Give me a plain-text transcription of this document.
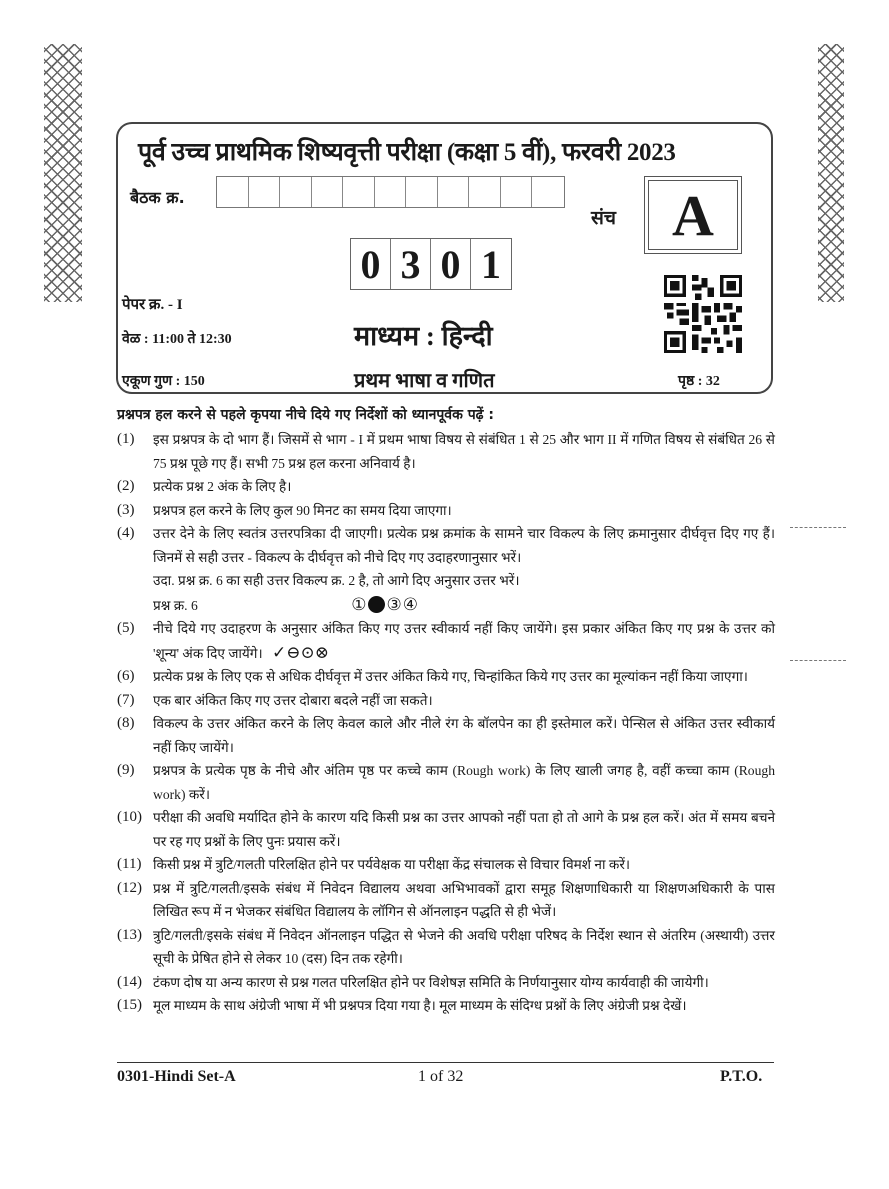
पूर्व उच्च प्राथमिक शिष्यवृत्ती परीक्षा (कक्षा 5 वीं), फरवरी 2023
बैठक क्र.
संच A
0 3 0 1
पेपर क्र. - I
वेळ : 11:00 ते 12:30
एकूण गुण : 150
माध्यम : हिन्दी
प्रथम भाषा व गणित	पृष्ठ : 32
प्रश्नपत्र हल करने से पहले कृपया नीचे दिये गए निर्देशों को ध्यानपूर्वक पढ़ें :
(1)	इस प्रश्नपत्र के दो भाग हैं। जिसमें से भाग - I में प्रथम भाषा विषय से संबंधित 1 से 25 और भाग II में गणित विषय से संबंधित 26 से 75 प्रश्न पूछे गए हैं। सभी 75 प्रश्न हल करना अनिवार्य है।
(2)	प्रत्येक प्रश्न 2 अंक के लिए है।
(3)	प्रश्नपत्र हल करने के लिए कुल 90 मिनट का समय दिया जाएगा।
(4)	उत्तर देने के लिए स्वतंत्र उत्तरपत्रिका दी जाएगी। प्रत्येक प्रश्न क्रमांक के सामने चार विकल्प के लिए क्रमानुसार दीर्घवृत्त दिए गए हैं। जिनमें से सही उत्तर - विकल्प के दीर्घवृत्त को नीचे दिए गए उदाहरणानुसार भरें।
उदा. प्रश्न क्र. 6 का सही उत्तर विकल्प क्र. 2 है, तो आगे दिए अनुसार उत्तर भरें।
प्रश्न क्र. 6	① ③④
(5)	नीचे दिये गए उदाहरण के अनुसार अंकित किए गए उत्तर स्वीकार्य नहीं किए जायेंगे। इस प्रकार अंकित किए गए प्रश्न के उत्तर को 'शून्य' अंक दिए जायेंगे। ✓⊖⊙⊗
(6)	प्रत्येक प्रश्न के लिए एक से अधिक दीर्घवृत्त में उत्तर अंकित किये गए, चिन्हांकित किये गए उत्तर का मूल्यांकन नहीं किया जाएगा।
(7)	एक बार अंकित किए गए उत्तर दोबारा बदले नहीं जा सकते।
(8)	विकल्प के उत्तर अंकित करने के लिए केवल काले और नीले रंग के बॉलपेन का ही इस्तेमाल करें। पेन्सिल से अंकित उत्तर स्वीकार्य नहीं किए जायेंगे।
(9)	प्रश्नपत्र के प्रत्येक पृष्ठ के नीचे और अंतिम पृष्ठ पर कच्चे काम (Rough work) के लिए खाली जगह है, वहीं कच्चा काम (Rough work) करें।
(10) परीक्षा की अवधि मर्यादित होने के कारण यदि किसी प्रश्न का उत्तर आपको नहीं पता हो तो आगे के प्रश्न हल करें। अंत में समय बचने पर रह गए प्रश्नों के लिए पुनः प्रयास करें।
(11) किसी प्रश्न में त्रुटि/गलती परिलक्षित होने पर पर्यवेक्षक या परीक्षा केंद्र संचालक से विचार विमर्श ना करें।
(12) प्रश्न में त्रुटि/गलती/इसके संबंध में निवेदन विद्यालय अथवा अभिभावकों द्वारा समूह शिक्षणाधिकारी या शिक्षणअधिकारी के पास लिखित रूप में न भेजकर संबंधित विद्यालय के लॉगिन से ऑनलाइन पद्धति से ही भेजें।
(13) त्रुटि/गलती/इसके संबंध में निवेदन ऑनलाइन पद्धित से भेजने की अवधि परीक्षा परिषद के निर्देश स्थान से अंतरिम (अस्थायी) उत्तर सूची के प्रेषित होने से लेकर 10 (दस) दिन तक रहेगी।
(14) टंकण दोष या अन्य कारण से प्रश्न गलत परिलक्षित होने पर विशेषज्ञ समिति के निर्णयानुसार योग्य कार्यवाही की जायेगी।
(15) मूल माध्यम के साथ अंग्रेजी भाषा में भी प्रश्नपत्र दिया गया है। मूल माध्यम के संदिग्ध प्रश्नों के लिए अंग्रेजी प्रश्न देखें।
0301-Hindi Set-A	1 of 32	P.T.O.
